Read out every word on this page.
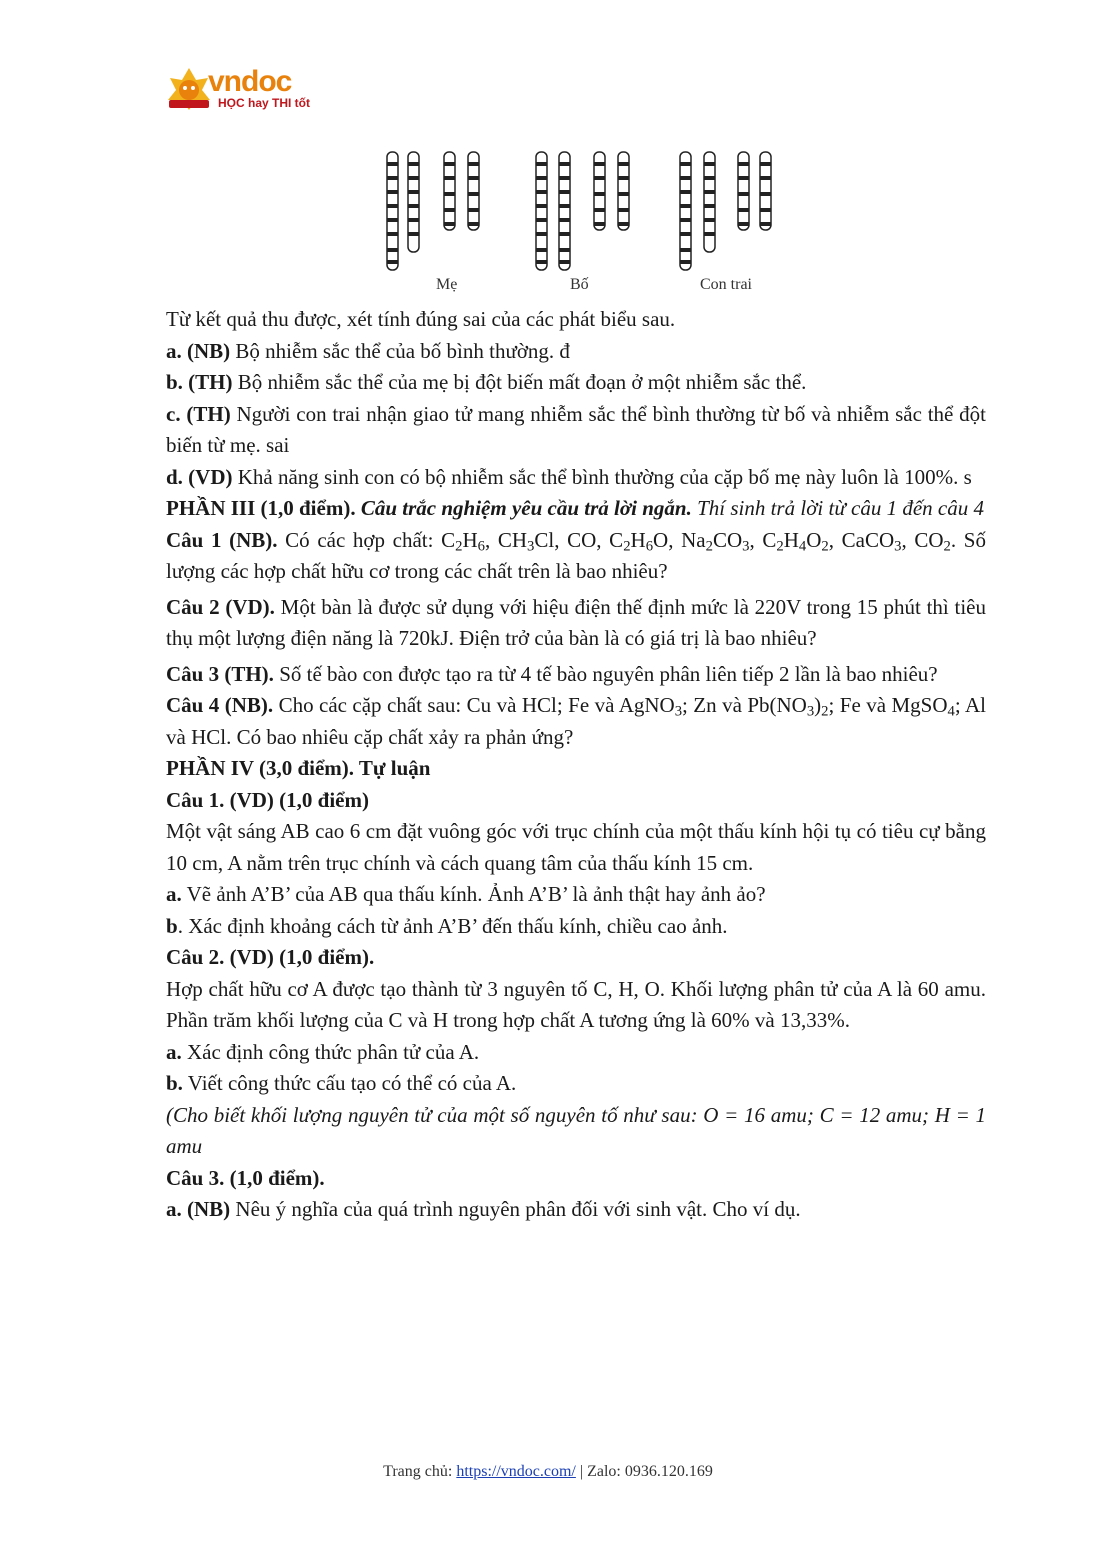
vndoc
HỌC hay THI tốt
Mẹ	Bố	Con trai

Từ kết quả thu được, xét tính đúng sai của các phát biểu sau.

a. (NB) Bộ nhiễm sắc thể của bố bình thường. đ

b. (TH) Bộ nhiễm sắc thể của mẹ bị đột biến mất đoạn ở một nhiễm sắc thể.

c. (TH) Người con trai nhận giao tử mang nhiễm sắc thể bình thường từ bố và nhiễm sắc thể đột biến từ mẹ. sai

d. (VD) Khả năng sinh con có bộ nhiễm sắc thể bình thường của cặp bố mẹ này luôn là 100%. s

PHẦN III (1,0 điểm). Câu trắc nghiệm yêu cầu trả lời ngắn. Thí sinh trả lời từ câu 1 đến câu 4

Câu 1 (NB). Có các hợp chất: $C_2H_6$, $CH_3Cl$, CO, $C_2H_6O$, $Na_2CO_3$, $C_2H_4O_2$, CaCO$_3$, $CO_2$. Số lượng các hợp chất hữu cơ trong các chất trên là bao nhiêu?

Câu 2 (VD). Một bàn là được sử dụng với hiệu điện thế định mức là 220V trong 15 phút thì tiêu thụ một lượng điện năng là 720kJ. Điện trở của bàn là có giá trị là bao nhiêu?

Câu 3 (TH). Số tế bào con được tạo ra từ 4 tế bào nguyên phân liên tiếp 2 lần là bao nhiêu?

Câu 4 (NB). Cho các cặp chất sau: Cu và HCl; Fe và AgNO$_3$; Zn và $Pb(NO_3)_2$; Fe và MgSO$_4$; Al và HCl. Có bao nhiêu cặp chất xảy ra phản ứng?

PHẦN IV (3,0 điểm). Tự luận

Câu 1. (VD) (1,0 điểm)

Một vật sáng AB cao 6 cm đặt vuông góc với trục chính của một thấu kính hội tụ có tiêu cự bằng 10 cm, A nằm trên trục chính và cách quang tâm của thấu kính 15 cm.

a. Vẽ ảnh A’B’ của AB qua thấu kính. Ảnh A’B’ là ảnh thật hay ảnh ảo?

b. Xác định khoảng cách từ ảnh A’B’ đến thấu kính, chiều cao ảnh.

Câu 2. (VD) (1,0 điểm).

Hợp chất hữu cơ A được tạo thành từ 3 nguyên tố C, H, O. Khối lượng phân tử của A là 60 amu. Phần trăm khối lượng của C và H trong hợp chất A tương ứng là 60% và 13,33%.

a. Xác định công thức phân tử của A.

b. Viết công thức cấu tạo có thể có của A.

(Cho biết khối lượng nguyên tử của một số nguyên tố như sau: O = 16 amu; C = 12 amu; H = 1 amu

Câu 3. (1,0 điểm).

a. (NB) Nêu ý nghĩa của quá trình nguyên phân đối với sinh vật. Cho ví dụ.

Trang chủ: https://vndoc.com/ | Zalo: 0936.120.169
